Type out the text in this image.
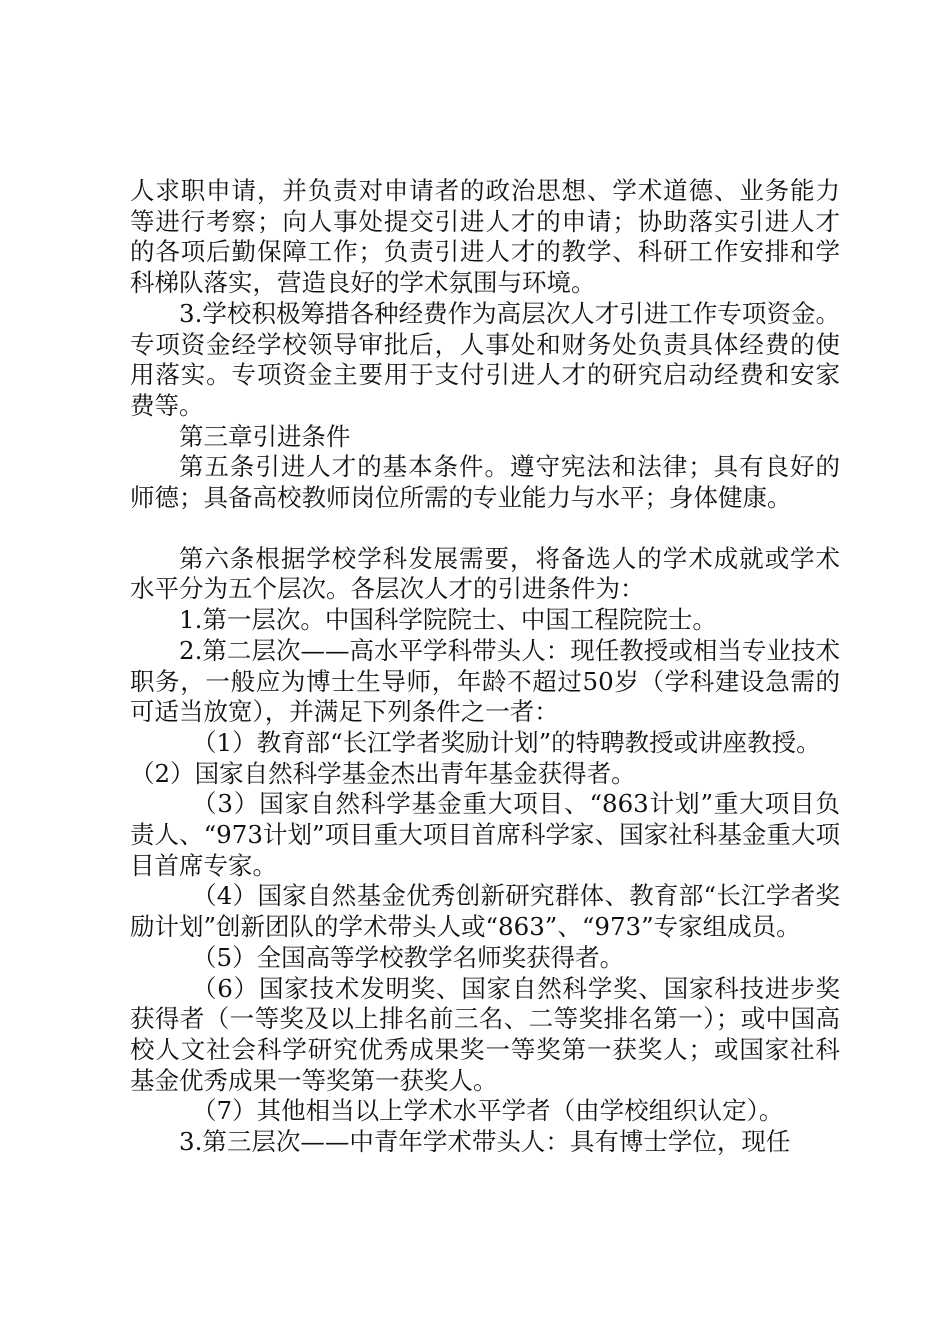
人求职申请，并负责对申请者的政治思想、学术道德、业务能力等进行考察；向人事处提交引进人才的申请；协助落实引进人才的各项后勤保障工作；负责引进人才的教学、科研工作安排和学科梯队落实，营造良好的学术氛围与环境。

3.学校积极筹措各种经费作为高层次人才引进工作专项资金。专项资金经学校领导审批后，人事处和财务处负责具体经费的使用落实。专项资金主要用于支付引进人才的研究启动经费和安家费等。

第三章引进条件

第五条引进人才的基本条件。遵守宪法和法律；具有良好的师德；具备高校教师岗位所需的专业能力与水平；身体健康。

第六条根据学校学科发展需要，将备选人的学术成就或学术水平分为五个层次。各层次人才的引进条件为：

1.第一层次。中国科学院院士、中国工程院院士。

2.第二层次——高水平学科带头人：现任教授或相当专业技术职务，一般应为博士生导师，年龄不超过50岁（学科建设急需的可适当放宽），并满足下列条件之一者：

（1）教育部“长江学者奖励计划”的特聘教授或讲座教授。

（2）国家自然科学基金杰出青年基金获得者。

（3）国家自然科学基金重大项目、“863计划”重大项目负责人、“973计划”项目重大项目首席科学家、国家社科基金重大项目首席专家。

（4）国家自然基金优秀创新研究群体、教育部“长江学者奖励计划”创新团队的学术带头人或“863”、“973”专家组成员。

（5）全国高等学校教学名师奖获得者。

（6）国家技术发明奖、国家自然科学奖、国家科技进步奖获得者（一等奖及以上排名前三名、二等奖排名第一）；或中国高校人文社会科学研究优秀成果奖一等奖第一获奖人；或国家社科基金优秀成果一等奖第一获奖人。

（7）其他相当以上学术水平学者（由学校组织认定）。

3.第三层次——中青年学术带头人：具有博士学位，现任
